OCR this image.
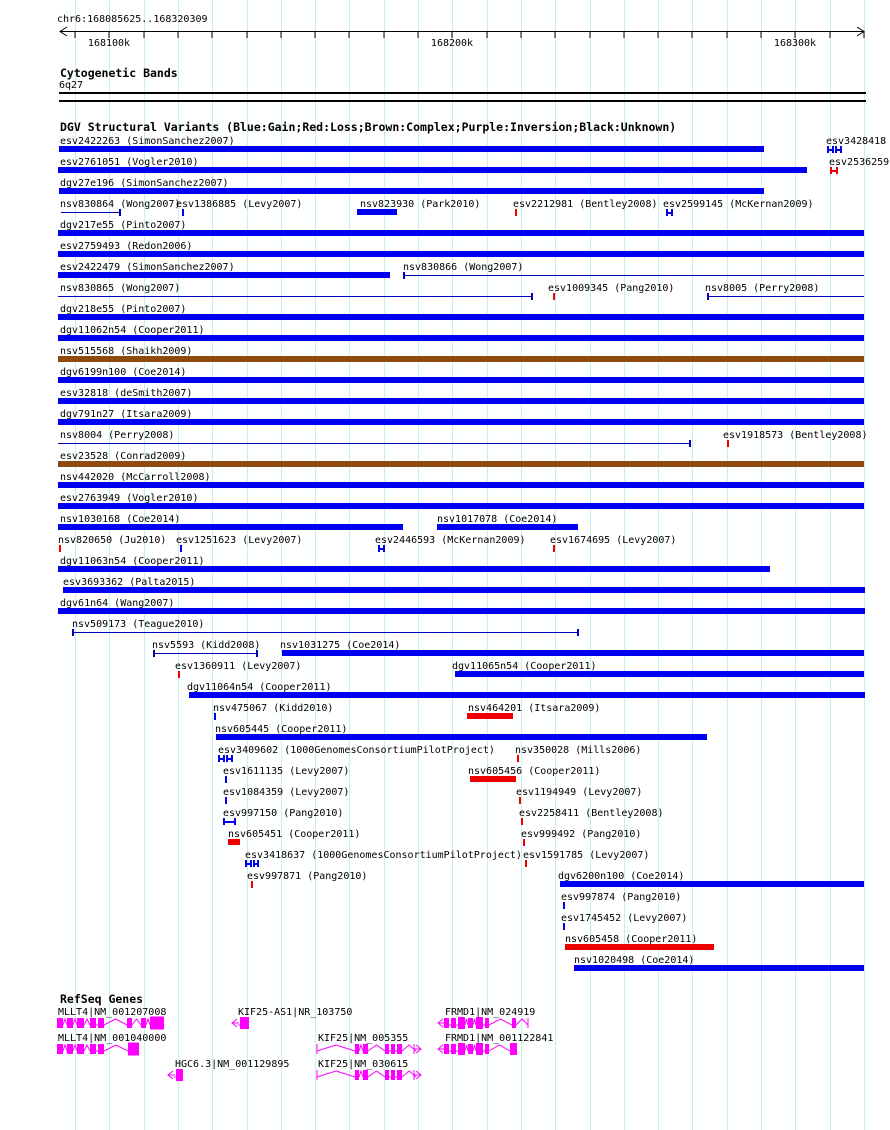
chr6:168085625..168320309
168100k	168200k	168300k
Cytogenetic Bands
6q27
DGV Structural Variants (Blue:Gain;Red:Loss;Brown:Complex;Purple:Inversion;Black:Unknown)
esv2422263 (SimonSanchez2007)	esv3428418
esv2761051 (Vogler2010)	esv2536259
dgv27e196 (SimonSanchez2007)
nsv830864 (Wong2007)
esv1386885 (Levy2007)	nsv823930 (Park2010)	esv2212981 (Bentley2008) esv2599145 (McKernan2009)
dgv217e55 (Pinto2007)
esv2759493 (Redon2006)
esv2422479 (SimonSanchez2007)	nsv830866 (Wong2007)
nsv830865 (Wong2007)	esv1009345 (Pang2010)	nsv8005 (Perry2008)
dgv218e55 (Pinto2007)
dgv11062n54 (Cooper2011)
nsv515568 (Shaikh2009)
dgv6199n100 (Coe2014)
esv32818 (deSmith2007)
dgv791n27 (Itsara2009)
nsv8004 (Perry2008)	esv1918573 (Bentley2008)
esv23528 (Conrad2009)
nsv442020 (McCarroll2008)
esv2763949 (Vogler2010)
nsv1030168 (Coe2014)	nsv1017078 (Coe2014)
nsv820650 (Ju2010) esv1251623 (Levy2007)	esv2446593 (McKernan2009) esv1674695 (Levy2007)
dgv11063n54 (Cooper2011)
esv3693362 (Palta2015)
dgv61n64 (Wang2007)
nsv509173 (Teague2010)
nsv5593 (Kidd2008) nsv1031275 (Coe2014)
esv1360911 (Levy2007)	dgv11065n54 (Cooper2011)
dgv11064n54 (Cooper2011)
nsv475067 (Kidd2010)	nsv464201 (Itsara2009)
nsv605445 (Cooper2011)
esv3409602 (1000GenomesConsortiumPilotProject) nsv350028 (Mills2006)
esv1611135 (Levy2007)	nsv605456 (Cooper2011)
esv1084359 (Levy2007)	esv1194949 (Levy2007)
esv997150 (Pang2010)	esv2258411 (Bentley2008)
nsv605451 (Cooper2011)	esv999492 (Pang2010)
esv3418637 (1000GenomesConsortiumPilotProject) esv1591785 (Levy2007)
esv997871 (Pang2010)	dgv6200n100 (Coe2014)
esv997874 (Pang2010)
esv1745452 (Levy2007)
nsv605458 (Cooper2011)
nsv1020498 (Coe2014)
RefSeq Genes
MLLT4|NM_001207008	KIF25-AS1|NR_103750	FRMD1|NM_024919
MLLT4|NM_001040000	KIF25|NM_005355	FRMD1|NM_001122841
HGC6.3|NM_001129895	KIF25|NM_030615
